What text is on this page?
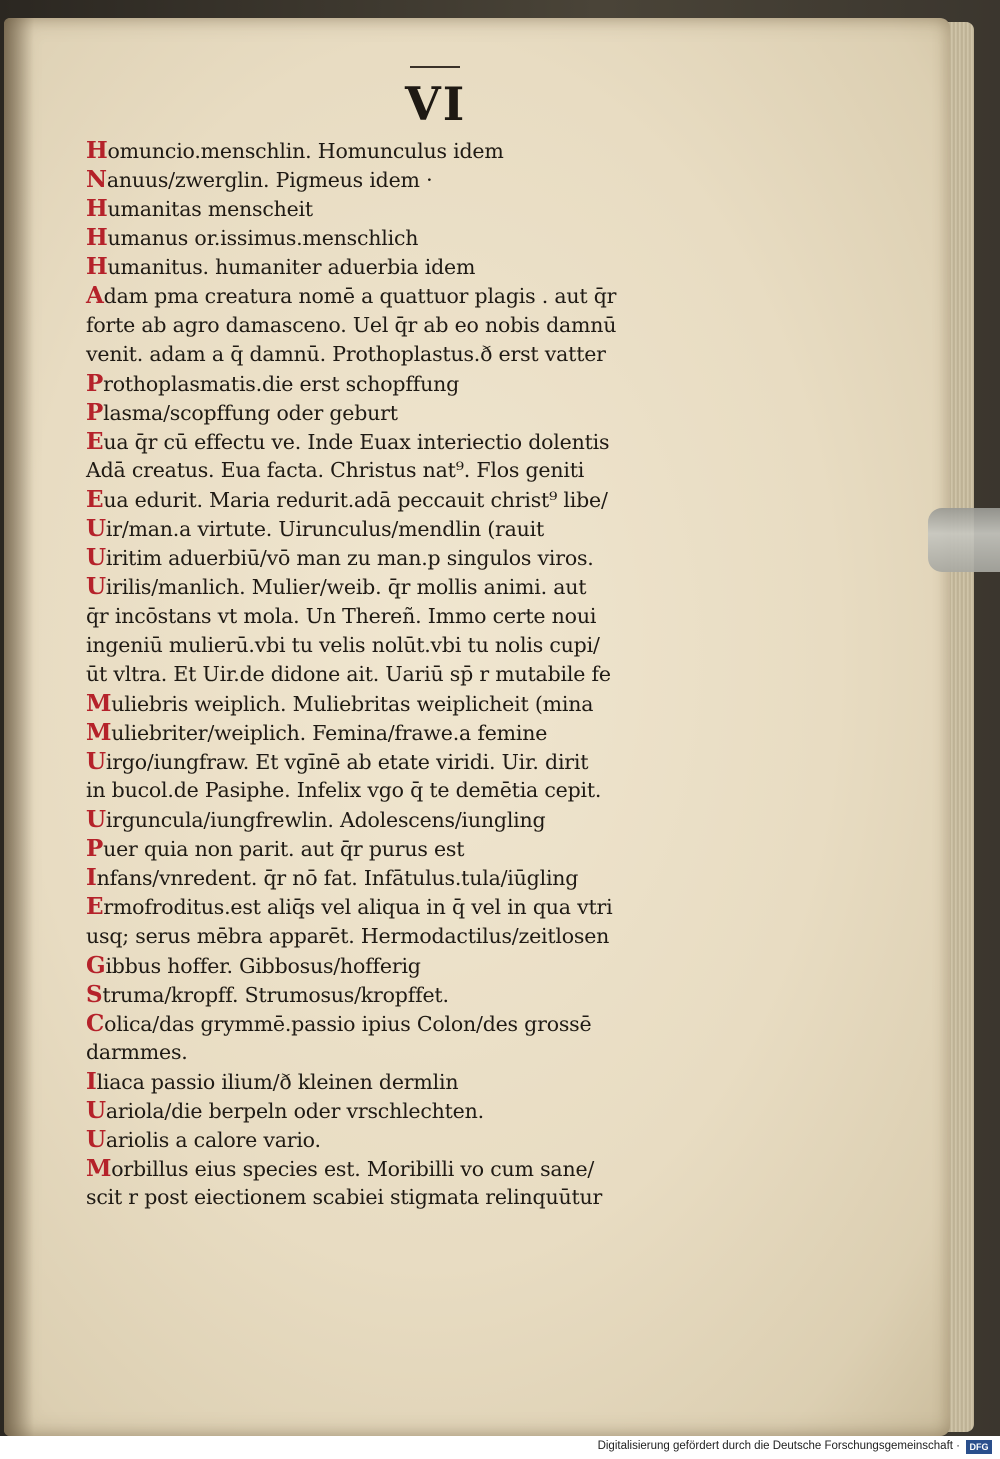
VI
Homuncio.menschlin. Homunculus idem
Nanuus/zwerglin. Pigmeus idem ·
Humanitas menscheit
Humanus or.issimus.menschlich
Humanitus. humaniter aduerbia idem
Adam pma creatura nomē a quattuor plagis . aut q̄r
forte ab agro damasceno. Uel q̄r ab eo nobis damnū
venit. adam a q̄ damnū. Prothoplastus.ð erst vatter
Prothoplasmatis.die erst schopffung
Plasma/scopffung oder geburt
Eua q̄r cū effectu ve. Inde Euax interiectio dolentis
Adā creatus. Eua facta. Christus nat⁹. Flos geniti
Eua edurit. Maria redurit.adā peccauit christ⁹ libe/
Uir/man.a virtute. Uirunculus/mendlin (rauit
Uiritim aduerbiū/vō man zu man.p singulos viros.
Uirilis/manlich. Mulier/weib. q̄r mollis animi. aut
q̄r incōstans vt mola. Un Thereñ. Immo certe noui
ingeniū mulierū.vbi tu velis nolūt.vbi tu nolis cupi/
ūt vltra. Et Uir.de didone ait. Uariū sp̄ r mutabile fe
Muliebris weiplich. Muliebritas weiplicheit (mina
Muliebriter/weiplich. Femina/frawe.a femine
Uirgo/iungfraw. Et vgīnē ab etate viridi. Uir. dirit
in bucol.de Pasiphe. Infelix vgo q̄ te demētia cepit.
Uirguncula/iungfrewlin. Adolescens/iungling
Puer quia non parit. aut q̄r purus est
Infans/vnredent. q̄r nō fat. Infātulus.tula/iūgling
Ermofroditus.est aliq̄s vel aliqua in q̄ vel in qua vtri
usq; serus mēbra apparēt. Hermodactilus/zeitlosen
Gibbus hoffer. Gibbosus/hofferig
Struma/kropff. Strumosus/kropffet.
Colica/das grymmē.passio ipius Colon/des grossē
darmmes.
Iliaca passio ilium/ð kleinen dermlin
Uariola/die berpeln oder vrschlechten.
Uariolis a calore vario.
Morbillus eius species est. Moribilli vo cum sane/
scit r post eiectionem scabiei stigmata relinquūtur
Digitalisierung gefördert durch die Deutsche Forschungsgemeinschaft ·	DFG
